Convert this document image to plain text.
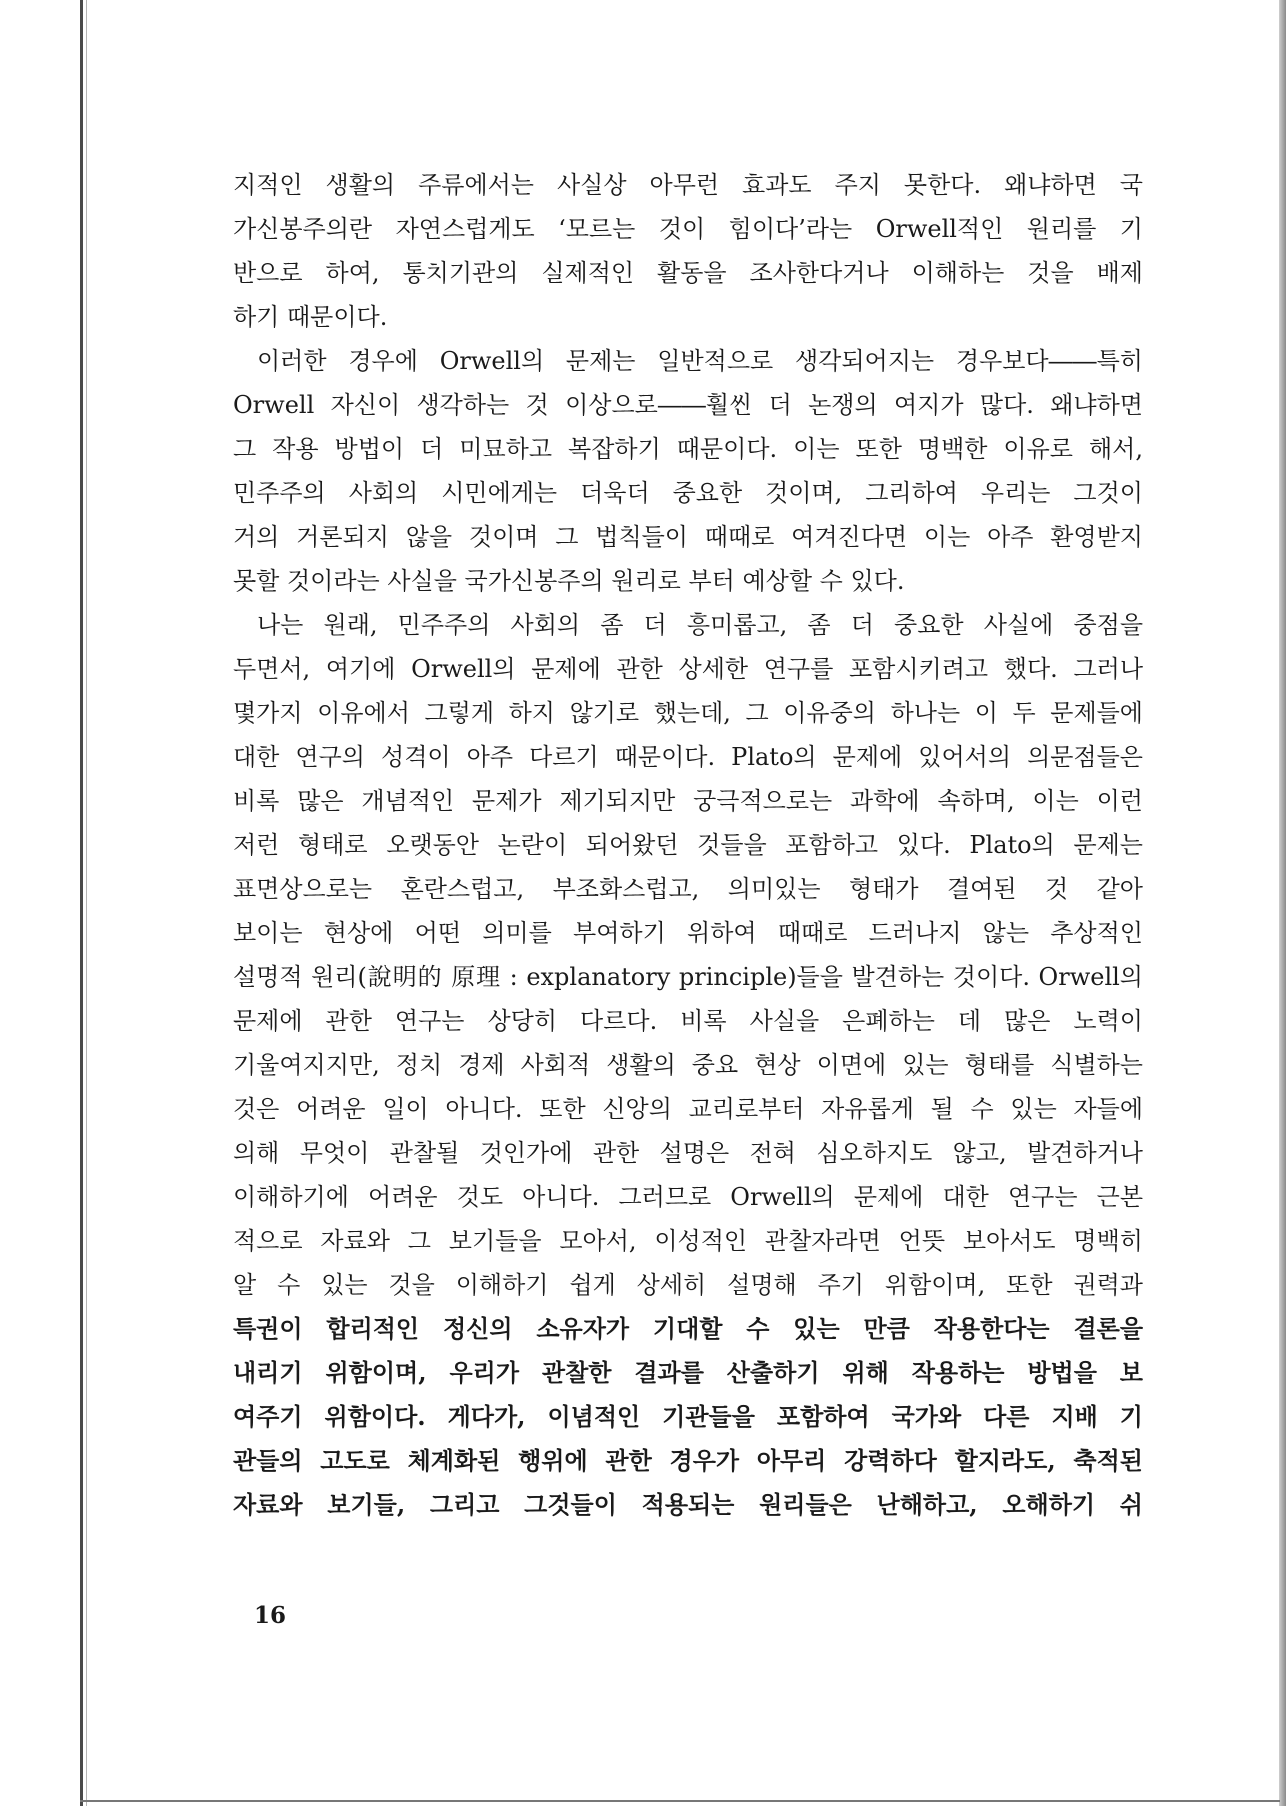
지적인 생활의 주류에서는 사실상 아무런 효과도 주지 못한다. 왜냐하면 국
가신봉주의란 자연스럽게도 ‘모르는 것이 힘이다’라는 Orwell적인 원리를 기
반으로 하여, 통치기관의 실제적인 활동을 조사한다거나 이해하는 것을 배제
하기 때문이다.
이러한 경우에 Orwell의 문제는 일반적으로 생각되어지는 경우보다――특히
Orwell 자신이 생각하는 것 이상으로――훨씬 더 논쟁의 여지가 많다. 왜냐하면
그 작용 방법이 더 미묘하고 복잡하기 때문이다. 이는 또한 명백한 이유로 해서,
민주주의 사회의 시민에게는 더욱더 중요한 것이며, 그리하여 우리는 그것이
거의 거론되지 않을 것이며 그 법칙들이 때때로 여겨진다면 이는 아주 환영받지
못할 것이라는 사실을 국가신봉주의 원리로 부터 예상할 수 있다.
나는 원래, 민주주의 사회의 좀 더 흥미롭고, 좀 더 중요한 사실에 중점을
두면서, 여기에 Orwell의 문제에 관한 상세한 연구를 포함시키려고 했다. 그러나
몇가지 이유에서 그렇게 하지 않기로 했는데, 그 이유중의 하나는 이 두 문제들에
대한 연구의 성격이 아주 다르기 때문이다. Plato의 문제에 있어서의 의문점들은
비록 많은 개념적인 문제가 제기되지만 궁극적으로는 과학에 속하며, 이는 이런
저런 형태로 오랫동안 논란이 되어왔던 것들을 포함하고 있다. Plato의 문제는
표면상으로는 혼란스럽고, 부조화스럽고, 의미있는 형태가 결여된 것 같아
보이는 현상에 어떤 의미를 부여하기 위하여 때때로 드러나지 않는 추상적인
설명적 원리(說明的 原理 : explanatory principle)들을 발견하는 것이다. Orwell의
문제에 관한 연구는 상당히 다르다. 비록 사실을 은폐하는 데 많은 노력이
기울여지지만, 정치 경제 사회적 생활의 중요 현상 이면에 있는 형태를 식별하는
것은 어려운 일이 아니다. 또한 신앙의 교리로부터 자유롭게 될 수 있는 자들에
의해 무엇이 관찰될 것인가에 관한 설명은 전혀 심오하지도 않고, 발견하거나
이해하기에 어려운 것도 아니다. 그러므로 Orwell의 문제에 대한 연구는 근본
적으로 자료와 그 보기들을 모아서, 이성적인 관찰자라면 언뜻 보아서도 명백히
알 수 있는 것을 이해하기 쉽게 상세히 설명해 주기 위함이며, 또한 권력과
특권이 합리적인 정신의 소유자가 기대할 수 있는 만큼 작용한다는 결론을
내리기 위함이며, 우리가 관찰한 결과를 산출하기 위해 작용하는 방법을 보
여주기 위함이다. 게다가, 이념적인 기관들을 포함하여 국가와 다른 지배 기
관들의 고도로 체계화된 행위에 관한 경우가 아무리 강력하다 할지라도, 축적된
자료와 보기들, 그리고 그것들이 적용되는 원리들은 난해하고, 오해하기 쉬
16
